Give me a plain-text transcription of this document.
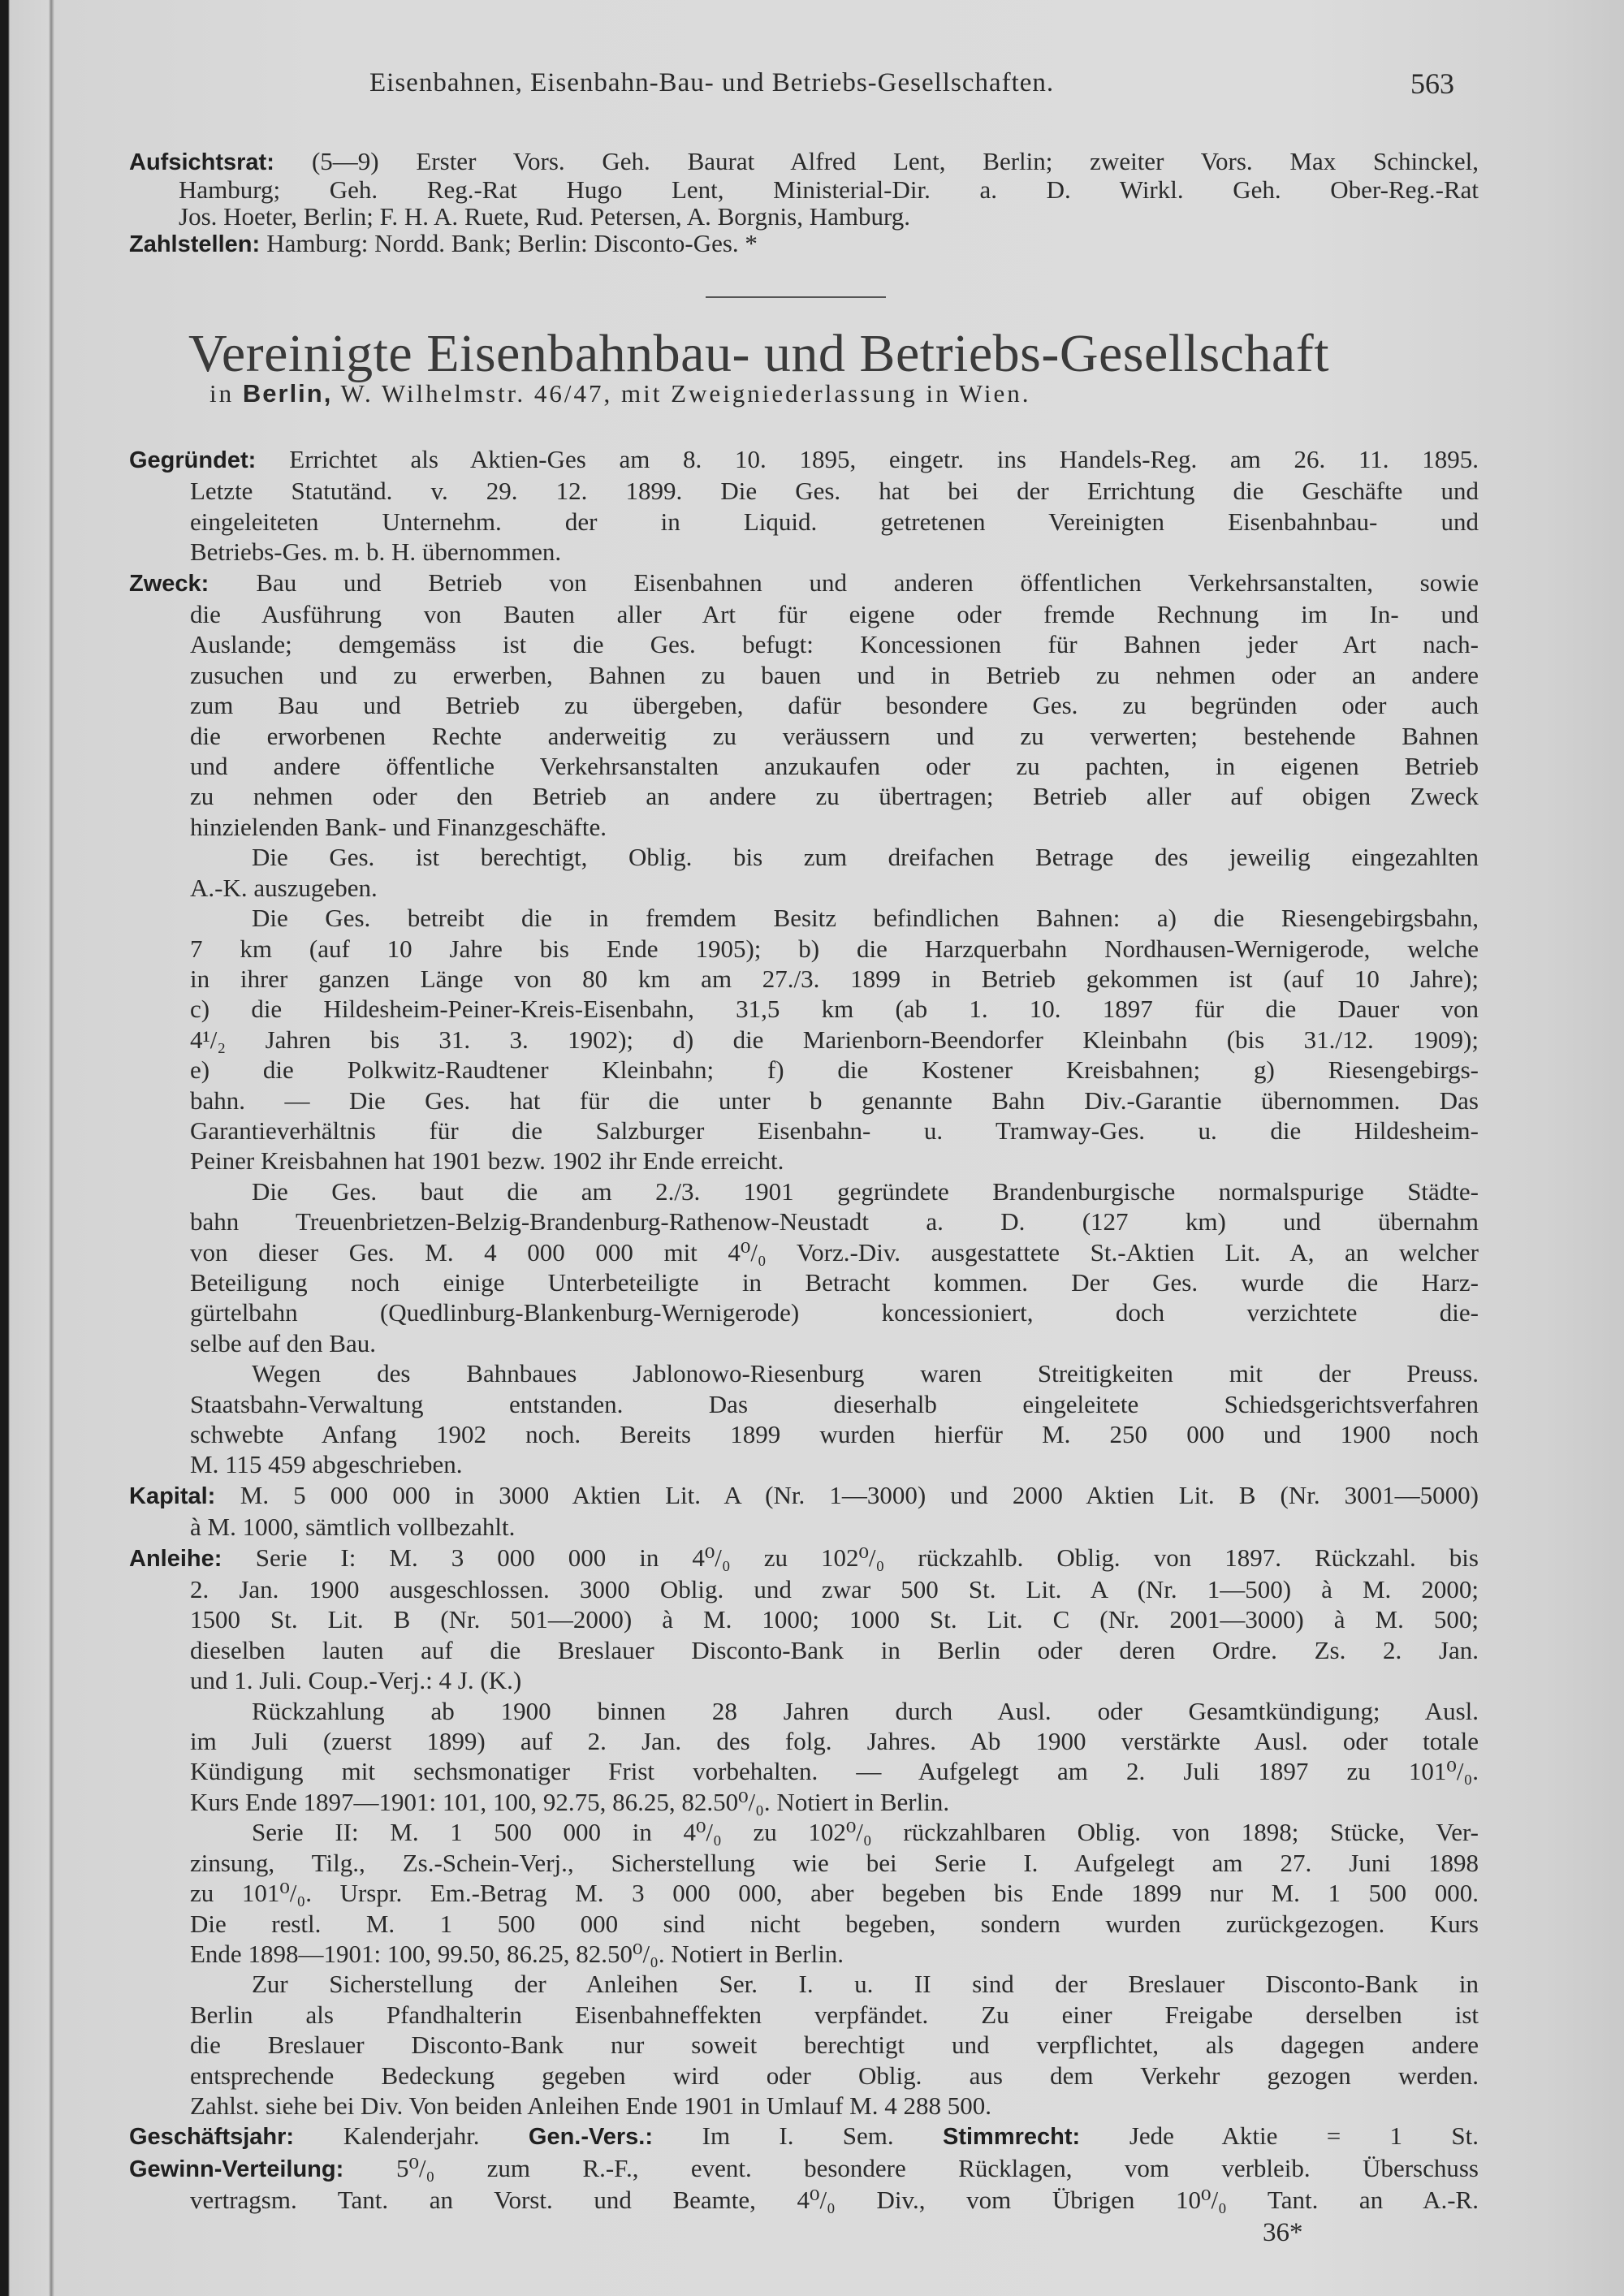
Eisenbahnen, Eisenbahn-Bau- und Betriebs-Gesellschaften.	563
Aufsichtsrat: (5—9) Erster Vors. Geh. Baurat Alfred Lent, Berlin; zweiter Vors. Max Schinckel,
Hamburg; Geh. Reg.-Rat Hugo Lent, Ministerial-Dir. a. D. Wirkl. Geh. Ober-Reg.-Rat
Jos. Hoeter, Berlin; F. H. A. Ruete, Rud. Petersen, A. Borgnis, Hamburg.
Zahlstellen: Hamburg: Nordd. Bank; Berlin: Disconto-Ges. *
Vereinigte Eisenbahnbau- und Betriebs-Gesellschaft
in Berlin, W. Wilhelmstr. 46/47, mit Zweigniederlassung in Wien.
Gegründet: Errichtet als Aktien-Ges am 8. 10. 1895, eingetr. ins Handels-Reg. am 26. 11. 1895.
Letzte Statutänd. v. 29. 12. 1899. Die Ges. hat bei der Errichtung die Geschäfte und
eingeleiteten Unternehm. der in Liquid. getretenen Vereinigten Eisenbahnbau- und
Betriebs-Ges. m. b. H. übernommen.
Zweck: Bau und Betrieb von Eisenbahnen und anderen öffentlichen Verkehrsanstalten, sowie
die Ausführung von Bauten aller Art für eigene oder fremde Rechnung im In- und
Auslande; demgemäss ist die Ges. befugt: Koncessionen für Bahnen jeder Art nach-
zusuchen und zu erwerben, Bahnen zu bauen und in Betrieb zu nehmen oder an andere
zum Bau und Betrieb zu übergeben, dafür besondere Ges. zu begründen oder auch
die erworbenen Rechte anderweitig zu veräussern und zu verwerten; bestehende Bahnen
und andere öffentliche Verkehrsanstalten anzukaufen oder zu pachten, in eigenen Betrieb
zu nehmen oder den Betrieb an andere zu übertragen; Betrieb aller auf obigen Zweck
hinzielenden Bank- und Finanzgeschäfte.
Die Ges. ist berechtigt, Oblig. bis zum dreifachen Betrage des jeweilig eingezahlten
A.-K. auszugeben.
Die Ges. betreibt die in fremdem Besitz befindlichen Bahnen: a) die Riesengebirgsbahn,
7 km (auf 10 Jahre bis Ende 1905); b) die Harzquerbahn Nordhausen-Wernigerode, welche
in ihrer ganzen Länge von 80 km am 27./3. 1899 in Betrieb gekommen ist (auf 10 Jahre);
c) die Hildesheim-Peiner-Kreis-Eisenbahn, 31,5 km (ab 1. 10. 1897 für die Dauer von
4¹/₂ Jahren bis 31. 3. 1902); d) die Marienborn-Beendorfer Kleinbahn (bis 31./12. 1909);
e) die Polkwitz-Raudtener Kleinbahn; f) die Kostener Kreisbahnen; g) Riesengebirgs-
bahn. — Die Ges. hat für die unter b genannte Bahn Div.-Garantie übernommen. Das
Garantieverhältnis für die Salzburger Eisenbahn- u. Tramway-Ges. u. die Hildesheim-
Peiner Kreisbahnen hat 1901 bezw. 1902 ihr Ende erreicht.
Die Ges. baut die am 2./3. 1901 gegründete Brandenburgische normalspurige Städte-
bahn Treuenbrietzen-Belzig-Brandenburg-Rathenow-Neustadt a. D. (127 km) und übernahm
von dieser Ges. M. 4 000 000 mit 4⁰/₀ Vorz.-Div. ausgestattete St.-Aktien Lit. A, an welcher
Beteiligung noch einige Unterbeteiligte in Betracht kommen. Der Ges. wurde die Harz-
gürtelbahn (Quedlinburg-Blankenburg-Wernigerode) koncessioniert, doch verzichtete die-
selbe auf den Bau.
Wegen des Bahnbaues Jablonowo-Riesenburg waren Streitigkeiten mit der Preuss.
Staatsbahn-Verwaltung entstanden. Das dieserhalb eingeleitete Schiedsgerichtsverfahren
schwebte Anfang 1902 noch. Bereits 1899 wurden hierfür M. 250 000 und 1900 noch
M. 115 459 abgeschrieben.
Kapital: M. 5 000 000 in 3000 Aktien Lit. A (Nr. 1—3000) und 2000 Aktien Lit. B (Nr. 3001—5000)
à M. 1000, sämtlich vollbezahlt.
Anleihe: Serie I: M. 3 000 000 in 4⁰/₀ zu 102⁰/₀ rückzahlb. Oblig. von 1897. Rückzahl. bis
2. Jan. 1900 ausgeschlossen. 3000 Oblig. und zwar 500 St. Lit. A (Nr. 1—500) à M. 2000;
1500 St. Lit. B (Nr. 501—2000) à M. 1000; 1000 St. Lit. C (Nr. 2001—3000) à M. 500;
dieselben lauten auf die Breslauer Disconto-Bank in Berlin oder deren Ordre. Zs. 2. Jan.
und 1. Juli. Coup.-Verj.: 4 J. (K.)
Rückzahlung ab 1900 binnen 28 Jahren durch Ausl. oder Gesamtkündigung; Ausl.
im Juli (zuerst 1899) auf 2. Jan. des folg. Jahres. Ab 1900 verstärkte Ausl. oder totale
Kündigung mit sechsmonatiger Frist vorbehalten. — Aufgelegt am 2. Juli 1897 zu 101⁰/₀.
Kurs Ende 1897—1901: 101, 100, 92.75, 86.25, 82.50⁰/₀. Notiert in Berlin.
Serie II: M. 1 500 000 in 4⁰/₀ zu 102⁰/₀ rückzahlbaren Oblig. von 1898; Stücke, Ver-
zinsung, Tilg., Zs.-Schein-Verj., Sicherstellung wie bei Serie I. Aufgelegt am 27. Juni 1898
zu 101⁰/₀. Urspr. Em.-Betrag M. 3 000 000, aber begeben bis Ende 1899 nur M. 1 500 000.
Die restl. M. 1 500 000 sind nicht begeben, sondern wurden zurückgezogen. Kurs
Ende 1898—1901: 100, 99.50, 86.25, 82.50⁰/₀. Notiert in Berlin.
Zur Sicherstellung der Anleihen Ser. I. u. II sind der Breslauer Disconto-Bank in
Berlin als Pfandhalterin Eisenbahneffekten verpfändet. Zu einer Freigabe derselben ist
die Breslauer Disconto-Bank nur soweit berechtigt und verpflichtet, als dagegen andere
entsprechende Bedeckung gegeben wird oder Oblig. aus dem Verkehr gezogen werden.
Zahlst. siehe bei Div. Von beiden Anleihen Ende 1901 in Umlauf M. 4 288 500.
Geschäftsjahr: Kalenderjahr. Gen.-Vers.: Im I. Sem. Stimmrecht: Jede Aktie = 1 St.
Gewinn-Verteilung: 5⁰/₀ zum R.-F., event. besondere Rücklagen, vom verbleib. Überschuss
vertragsm. Tant. an Vorst. und Beamte, 4⁰/₀ Div., vom Übrigen 10⁰/₀ Tant. an A.-R.
36*
